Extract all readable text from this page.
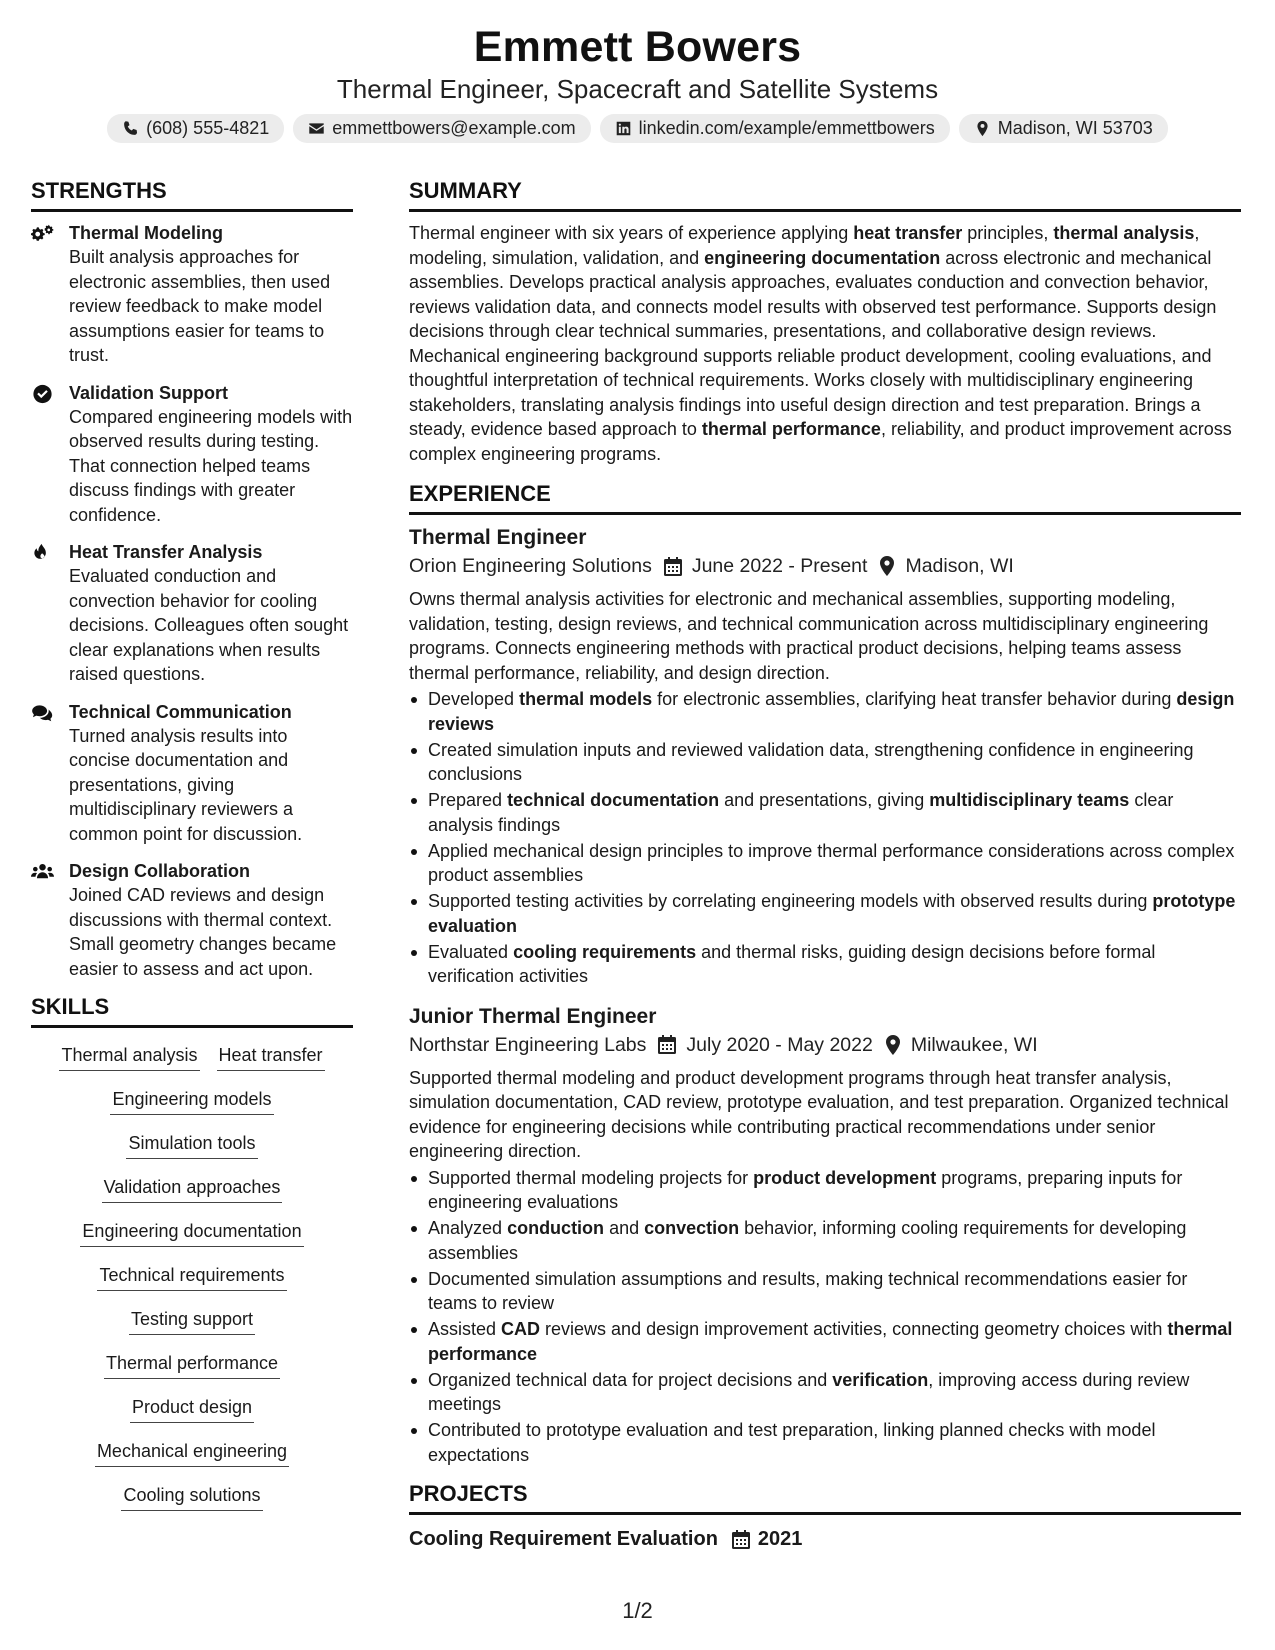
Emmett Bowers
Thermal Engineer, Spacecraft and Satellite Systems
(608) 555-4821	emmettbowers@example.com	linkedin.com/example/emmettbowers	Madison, WI 53703
STRENGTHS
Thermal Modeling
Built analysis approaches for electronic assemblies, then used review feedback to make model assumptions easier for teams to trust.
Validation Support
Compared engineering models with observed results during testing. That connection helped teams discuss findings with greater confidence.
Heat Transfer Analysis
Evaluated conduction and convection behavior for cooling decisions. Colleagues often sought clear explanations when results raised questions.
Technical Communication
Turned analysis results into concise documentation and presentations, giving multidisciplinary reviewers a common point for discussion.
Design Collaboration
Joined CAD reviews and design discussions with thermal context. Small geometry changes became easier to assess and act upon.
SKILLS
Thermal analysis Heat transfer
Engineering models
Simulation tools
Validation approaches
Engineering documentation
Technical requirements
Testing support
Thermal performance
Product design
Mechanical engineering
Cooling solutions
SUMMARY
Thermal engineer with six years of experience applying heat transfer principles, thermal analysis, modeling, simulation, validation, and engineering documentation across electronic and mechanical assemblies. Develops practical analysis approaches, evaluates conduction and convection behavior, reviews validation data, and connects model results with observed test performance. Supports design decisions through clear technical summaries, presentations, and collaborative design reviews. Mechanical engineering background supports reliable product development, cooling evaluations, and thoughtful interpretation of technical requirements. Works closely with multidisciplinary engineering stakeholders, translating analysis findings into useful design direction and test preparation. Brings a steady, evidence based approach to thermal performance, reliability, and product improvement across complex engineering programs.
EXPERIENCE
Thermal Engineer
Orion Engineering Solutions June 2022 - Present Madison, WI
Owns thermal analysis activities for electronic and mechanical assemblies, supporting modeling, validation, testing, design reviews, and technical communication across multidisciplinary engineering programs. Connects engineering methods with practical product decisions, helping teams assess thermal performance, reliability, and design direction.
Developed thermal models for electronic assemblies, clarifying heat transfer behavior during design reviews
Created simulation inputs and reviewed validation data, strengthening confidence in engineering conclusions
Prepared technical documentation and presentations, giving multidisciplinary teams clear analysis findings
Applied mechanical design principles to improve thermal performance considerations across complex product assemblies
Supported testing activities by correlating engineering models with observed results during prototype evaluation
Evaluated cooling requirements and thermal risks, guiding design decisions before formal verification activities
Junior Thermal Engineer
Northstar Engineering Labs July 2020 - May 2022 Milwaukee, WI
Supported thermal modeling and product development programs through heat transfer analysis, simulation documentation, CAD review, prototype evaluation, and test preparation. Organized technical evidence for engineering decisions while contributing practical recommendations under senior engineering direction.
Supported thermal modeling projects for product development programs, preparing inputs for engineering evaluations
Analyzed conduction and convection behavior, informing cooling requirements for developing assemblies
Documented simulation assumptions and results, making technical recommendations easier for teams to review
Assisted CAD reviews and design improvement activities, connecting geometry choices with thermal performance
Organized technical data for project decisions and verification, improving access during review meetings
Contributed to prototype evaluation and test preparation, linking planned checks with model expectations
PROJECTS
Cooling Requirement Evaluation 2021
1/2
